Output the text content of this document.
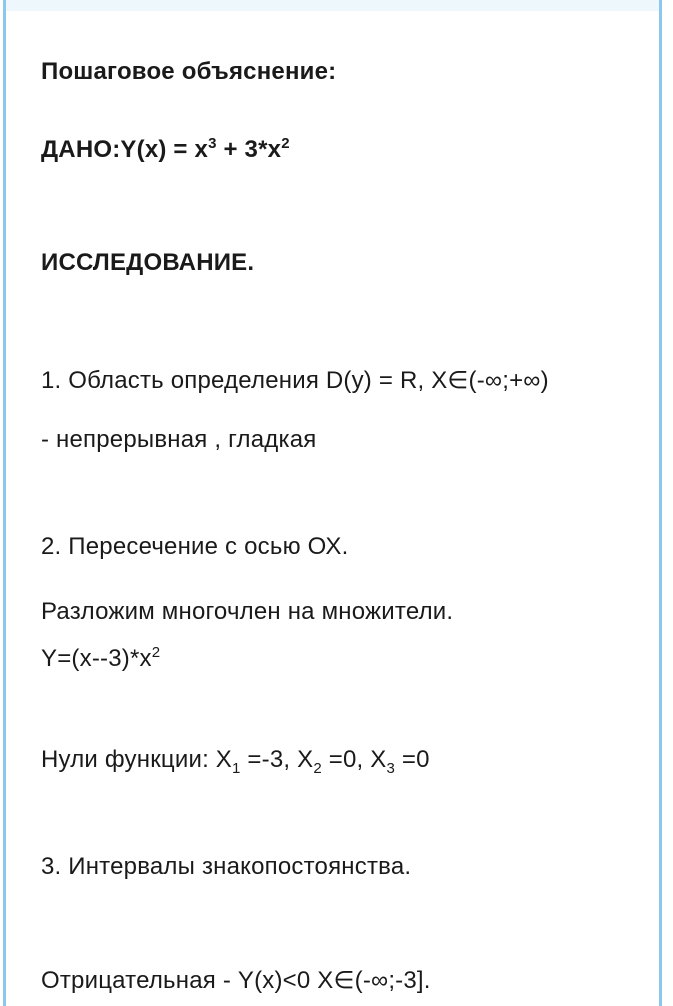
Пошаговое объяснение:
ДАНО:Y(x) = $x^3 + 3*x^2$
ИССЛЕДОВАНИЕ.
1. Область определения D(y) = R, X∈(-∞;+∞)
- непрерывная , гладкая
2. Пересечение с осью ОХ.
Разложим многочлен на множители.
$Y=(x--3)*x^2$
Нули функции: $X_1 =-3$, $X_2 =0$, $X_3 =0$
3. Интервалы знакопостоянства.
Отрицательная - Y(x)<0 X∈(-∞;-3].
